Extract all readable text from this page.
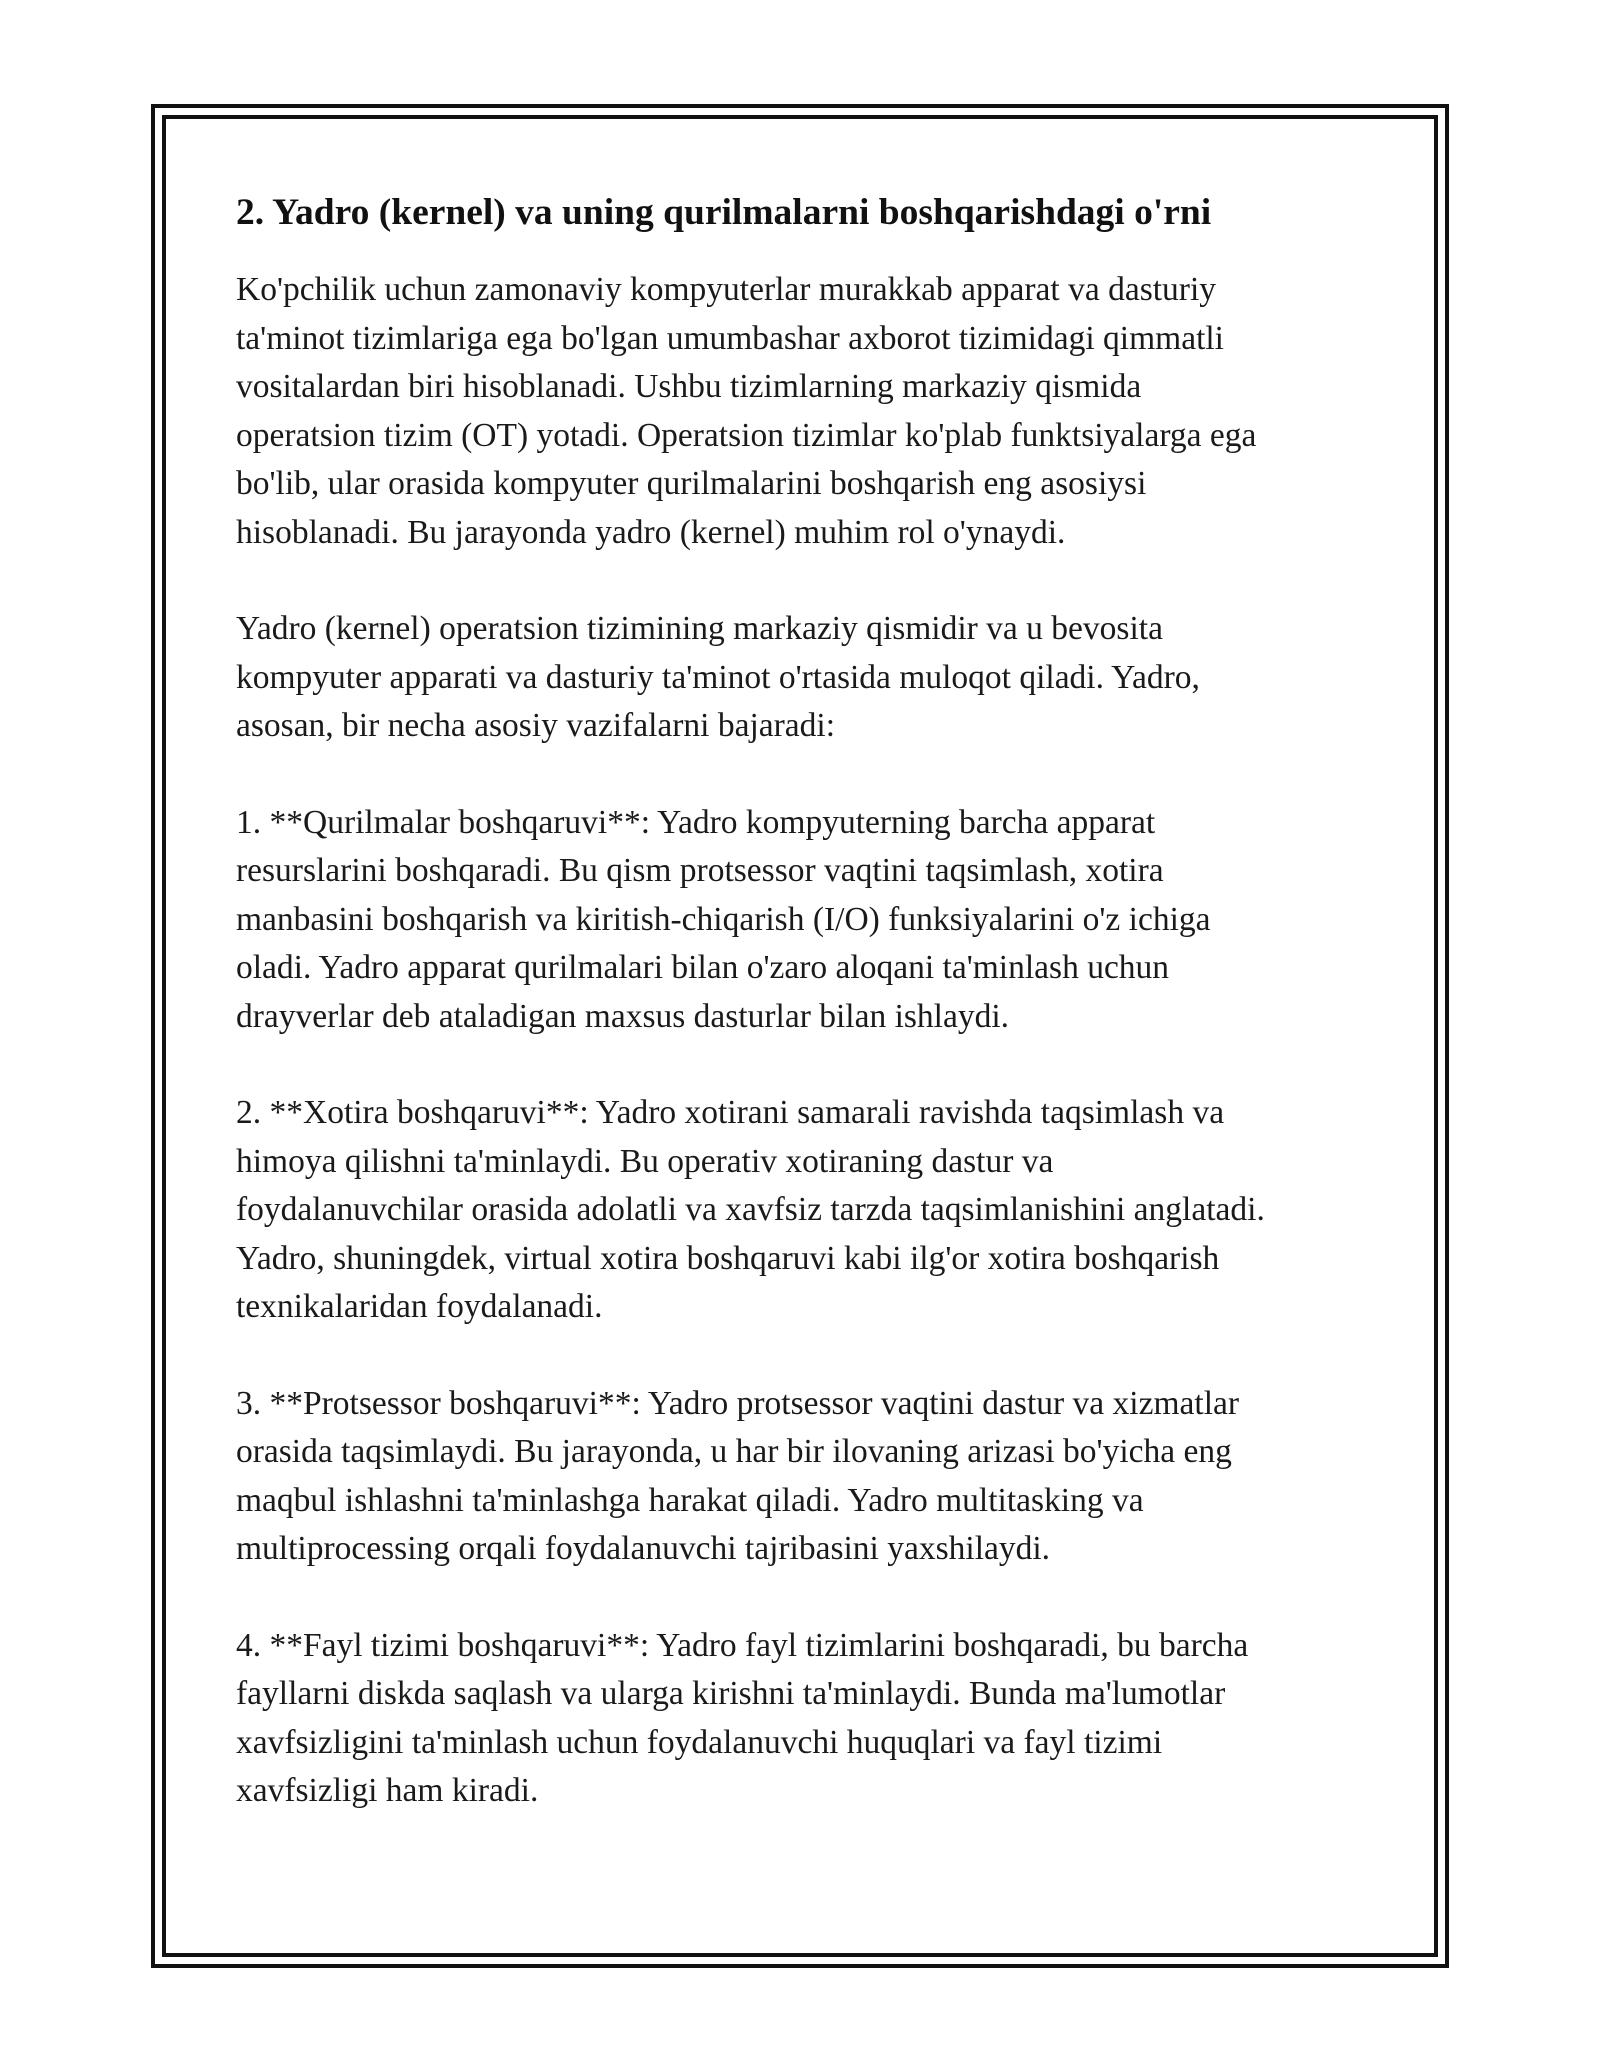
2. Yadro (kernel) va uning qurilmalarni boshqarishdagi o'rni
Ko'pchilik uchun zamonaviy kompyuterlar murakkab apparat va dasturiy
ta'minot tizimlariga ega bo'lgan umumbashar axborot tizimidagi qimmatli
vositalardan biri hisoblanadi. Ushbu tizimlarning markaziy qismida
operatsion tizim (OT) yotadi. Operatsion tizimlar ko'plab funktsiyalarga ega
bo'lib, ular orasida kompyuter qurilmalarini boshqarish eng asosiysi
hisoblanadi. Bu jarayonda yadro (kernel) muhim rol o'ynaydi.
Yadro (kernel) operatsion tizimining markaziy qismidir va u bevosita
kompyuter apparati va dasturiy ta'minot o'rtasida muloqot qiladi. Yadro,
asosan, bir necha asosiy vazifalarni bajaradi:
1. **Qurilmalar boshqaruvi**: Yadro kompyuterning barcha apparat
resurslarini boshqaradi. Bu qism protsessor vaqtini taqsimlash, xotira
manbasini boshqarish va kiritish-chiqarish (I/O) funksiyalarini o'z ichiga
oladi. Yadro apparat qurilmalari bilan o'zaro aloqani ta'minlash uchun
drayverlar deb ataladigan maxsus dasturlar bilan ishlaydi.
2. **Xotira boshqaruvi**: Yadro xotirani samarali ravishda taqsimlash va
himoya qilishni ta'minlaydi. Bu operativ xotiraning dastur va
foydalanuvchilar orasida adolatli va xavfsiz tarzda taqsimlanishini anglatadi.
Yadro, shuningdek, virtual xotira boshqaruvi kabi ilg'or xotira boshqarish
texnikalaridan foydalanadi.
3. **Protsessor boshqaruvi**: Yadro protsessor vaqtini dastur va xizmatlar
orasida taqsimlaydi. Bu jarayonda, u har bir ilovaning arizasi bo'yicha eng
maqbul ishlashni ta'minlashga harakat qiladi. Yadro multitasking va
multiprocessing orqali foydalanuvchi tajribasini yaxshilaydi.
4. **Fayl tizimi boshqaruvi**: Yadro fayl tizimlarini boshqaradi, bu barcha
fayllarni diskda saqlash va ularga kirishni ta'minlaydi. Bunda ma'lumotlar
xavfsizligini ta'minlash uchun foydalanuvchi huquqlari va fayl tizimi
xavfsizligi ham kiradi.
